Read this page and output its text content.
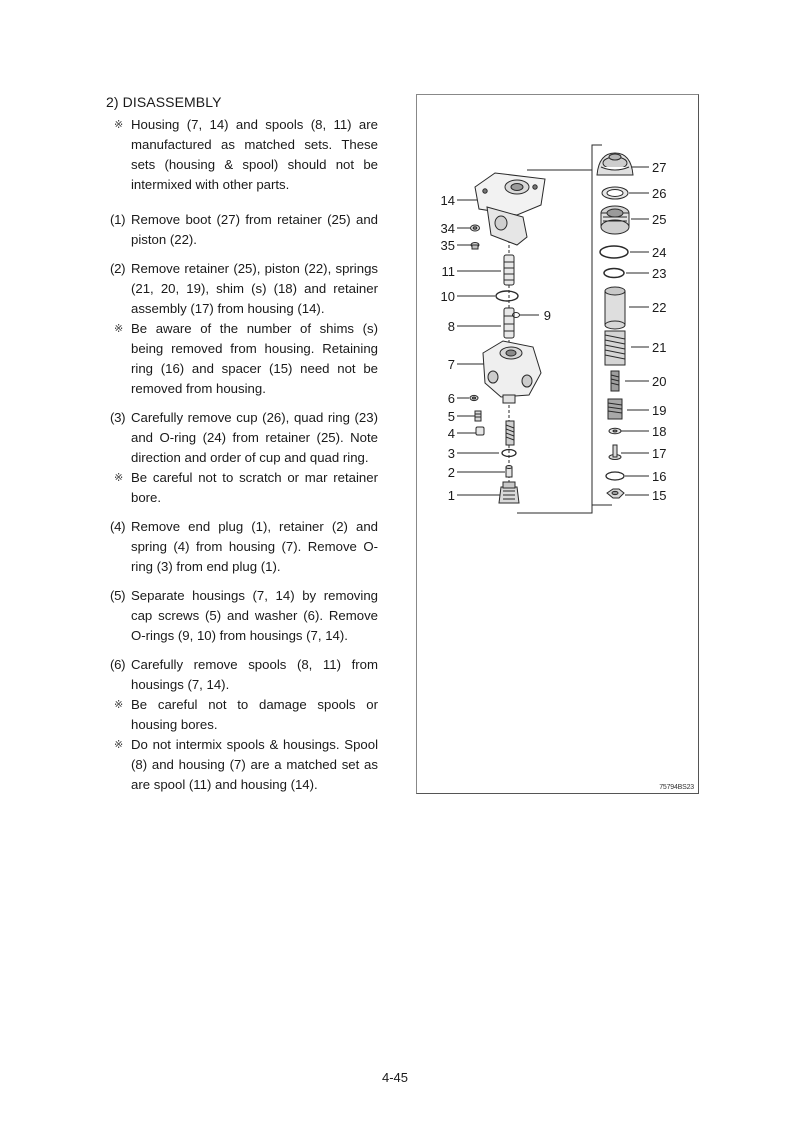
2) DISASSEMBLY
※ Housing (7, 14) and spools (8, 11) are manufactured as matched sets. These sets (housing & spool) should not be intermixed with other parts.
(1) Remove boot (27) from retainer (25) and piston (22).
(2) Remove retainer (25), piston (22), springs (21, 20, 19), shim (s) (18) and retainer assembly (17) from housing (14).
※ Be aware of the number of shims (s) being removed from housing. Retaining ring (16) and spacer (15) need not be removed from housing.
(3) Carefully remove cup (26), quad ring (23) and O-ring (24) from retainer (25). Note direction and order of cup and quad ring.
※ Be careful not to scratch or mar retainer bore.
(4) Remove end plug (1), retainer (2) and spring (4) from housing (7). Remove O-ring (3) from end plug (1).
(5) Separate housings (7, 14) by removing cap screws (5) and washer (6). Remove O-rings (9, 10) from housings (7, 14).
(6) Carefully remove spools (8, 11) from housings (7, 14).
※ Be careful not to damage spools or housing bores.
※ Do not intermix spools & housings. Spool (8) and housing (7) are a matched set as are spool (11) and housing (14).
14
34
35
11
10
9
8
7
6
5
4
3
2
1
27
26
25
24
23
22
21
20
19
18
17
16
15
75794BS23
4-45
